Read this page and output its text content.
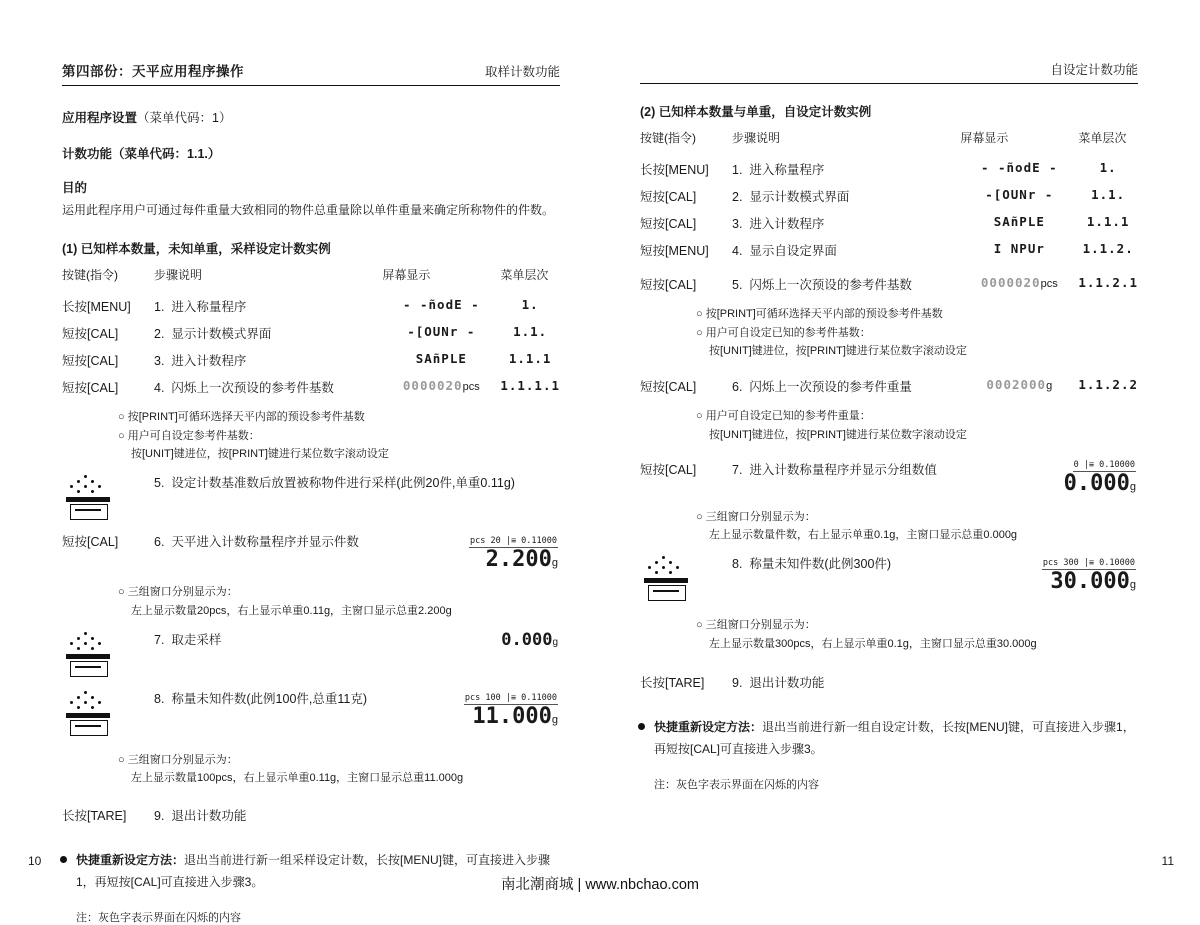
第四部份：天平应用程序操作	取样计数功能
应用程序设置（菜单代码：1）
计数功能（菜单代码：1.1.）
目的
运用此程序用户可通过每件重量大致相同的物件总重量除以单件重量来确定所称物件的件数。
(1) 已知样本数量，未知单重，采样设定计数实例
按键(指令)	步骤说明	屏幕显示	菜单层次
长按[MENU]	1. 进入称量程序	- -ñodE -	1.
短按[CAL]	2. 显示计数模式界面	-[OUNr -	1.1.
短按[CAL]	3. 进入计数程序	SAñPLE	1.1.1
短按[CAL]	4. 闪烁上一次预设的参考件基数	0000020pcs	1.1.1.1

○ 按[PRINT]可循环选择天平内部的预设参考件基数
○ 用户可自设定参考件基数：
按[UNIT]键进位，按[PRINT]键进行某位数字滚动设定			

	5. 设定计数基准数后放置被称物件进行采样(此例20件,单重0.11g)		
短按[CAL]	6. 天平进入计数称量程序并显示件数	pcs 20 |≡ 0.11000
2.200g	

○ 三组窗口分别显示为：
左上显示数量20pcs，右上显示单重0.11g，主窗口显示总重2.200g			

	7. 取走采样	0.000g	

	8. 称量未知件数(此例100件,总重11克)	pcs 100 |≡ 0.11000
11.000g	

○ 三组窗口分别显示为：
左上显示数量100pcs，右上显示单重0.11g，主窗口显示总重11.000g			

长按[TARE]	9. 退出计数功能		
快捷重新设定方法：退出当前进行新一组采样设定计数，长按[MENU]键，可直接进入步骤1，再短按[CAL]可直接进入步骤3。
注：灰色字表示界面在闪烁的内容
10
自设定计数功能
(2) 已知样本数量与单重，自设定计数实例
按键(指令)	步骤说明	屏幕显示	菜单层次
长按[MENU]	1. 进入称量程序	- -ñodE -	1.
短按[CAL]	2. 显示计数模式界面	-[OUNr -	1.1.
短按[CAL]	3. 进入计数程序	SAñPLE	1.1.1
短按[MENU]	4. 显示自设定界面	I NPUr	1.1.2.
短按[CAL]	5. 闪烁上一次预设的参考件基数	0000020pcs	1.1.2.1

○ 按[PRINT]可循环选择天平内部的预设参考件基数
○ 用户可自设定已知的参考件基数：
按[UNIT]键进位，按[PRINT]键进行某位数字滚动设定			

短按[CAL]	6. 闪烁上一次预设的参考件重量	0002000g	1.1.2.2

○ 用户可自设定已知的参考件重量：
按[UNIT]键进位，按[PRINT]键进行某位数字滚动设定			

短按[CAL]	7. 进入计数称量程序并显示分组数值	0 |≡ 0.10000
0.000g	

○ 三组窗口分别显示为：
左上显示数量件数，右上显示单重0.1g，主窗口显示总重0.000g			

	8. 称量未知件数(此例300件)	pcs 300 |≡ 0.10000
30.000g	

○ 三组窗口分别显示为：
左上显示数量300pcs，右上显示单重0.1g，主窗口显示总重30.000g			

长按[TARE]	9. 退出计数功能		
快捷重新设定方法：退出当前进行新一组自设定计数，长按[MENU]键，可直接进入步骤1，再短按[CAL]可直接进入步骤3。
注：灰色字表示界面在闪烁的内容
11
南北潮商城 | www.nbchao.com
